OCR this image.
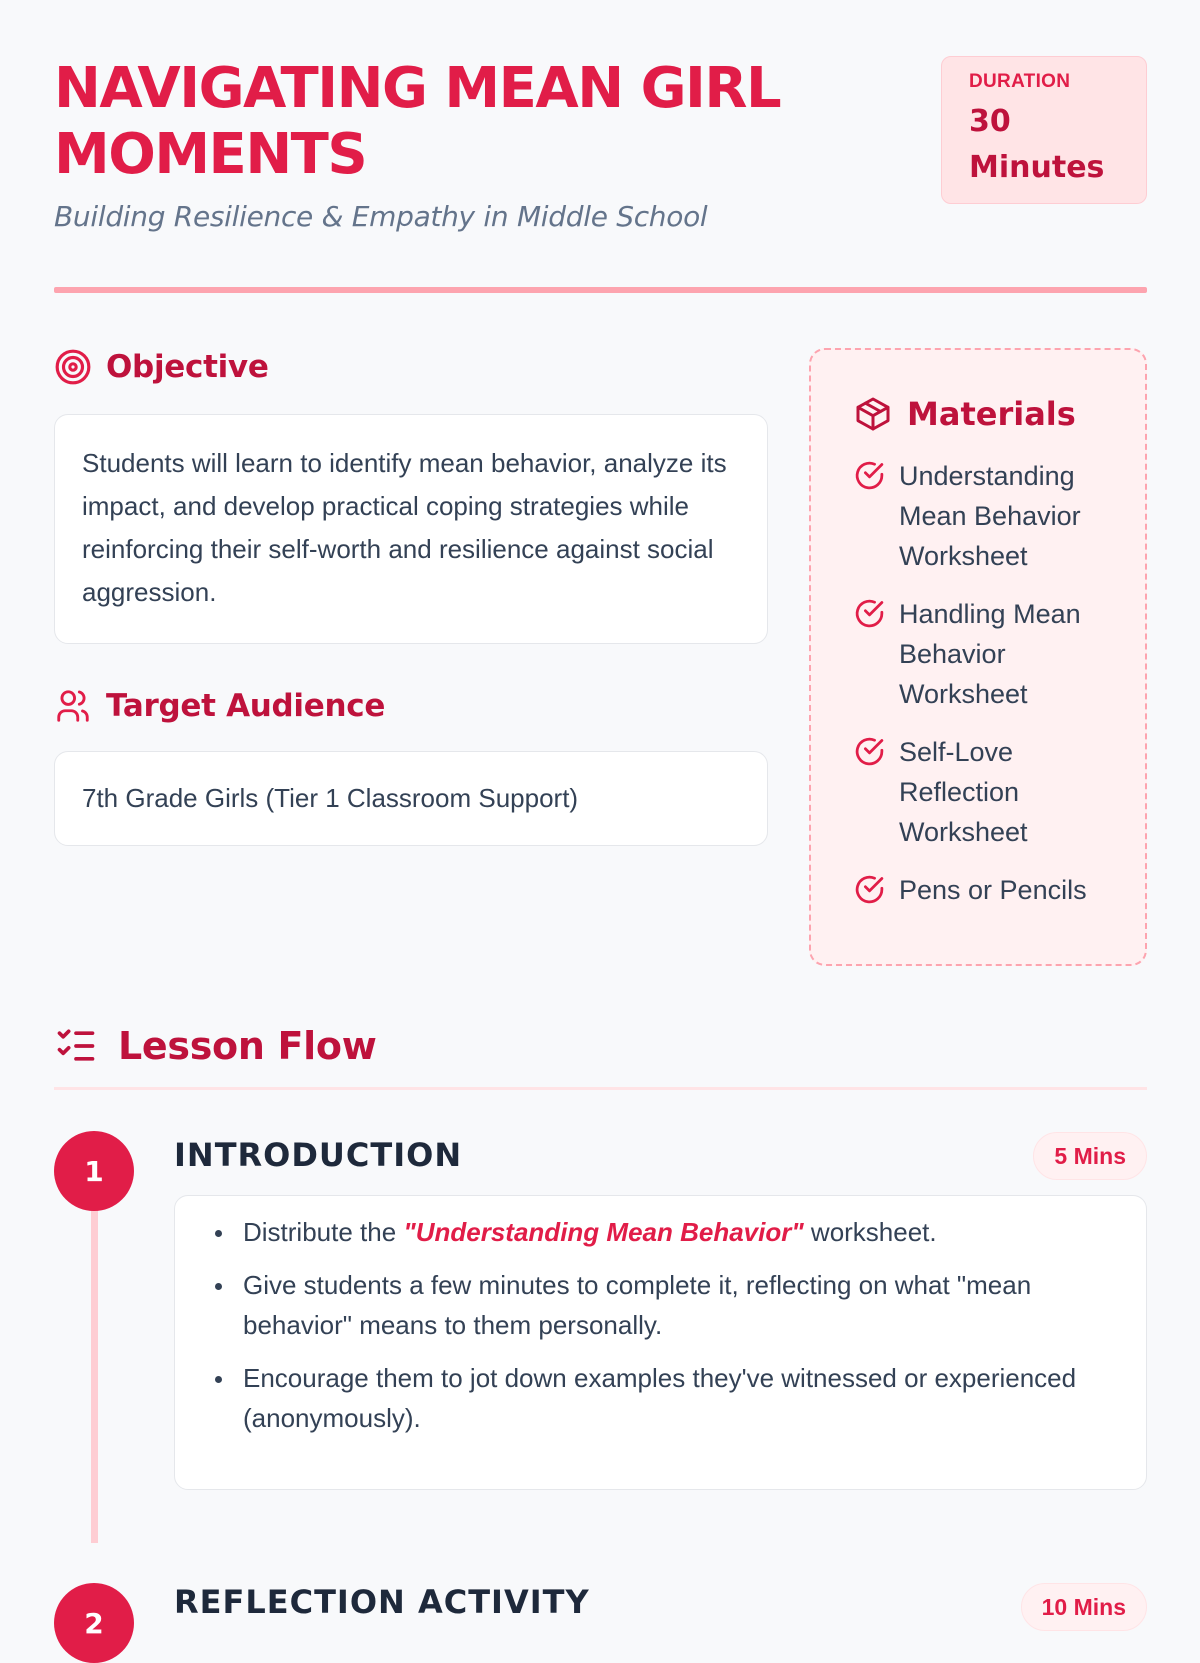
NAVIGATING MEAN GIRL MOMENTS
Building Resilience & Empathy in Middle School
DURATION
30 Minutes
Objective

Students will learn to identify mean behavior, analyze its impact, and develop practical coping strategies while reinforcing their self-worth and resilience against social aggression.

Target Audience

7th Grade Girls (Tier 1 Classroom Support)

Materials
Understanding Mean Behavior Worksheet
Handling Mean Behavior Worksheet
Self-Love Reflection Worksheet
Pens or Pencils
Lesson Flow
1	INTRODUCTION	5 Mins
Distribute the "Understanding Mean Behavior" worksheet.
Give students a few minutes to complete it, reflecting on what "mean behavior" means to them personally.
Encourage them to jot down examples they've witnessed or experienced (anonymously).
2
REFLECTION ACTIVITY	10 Mins
